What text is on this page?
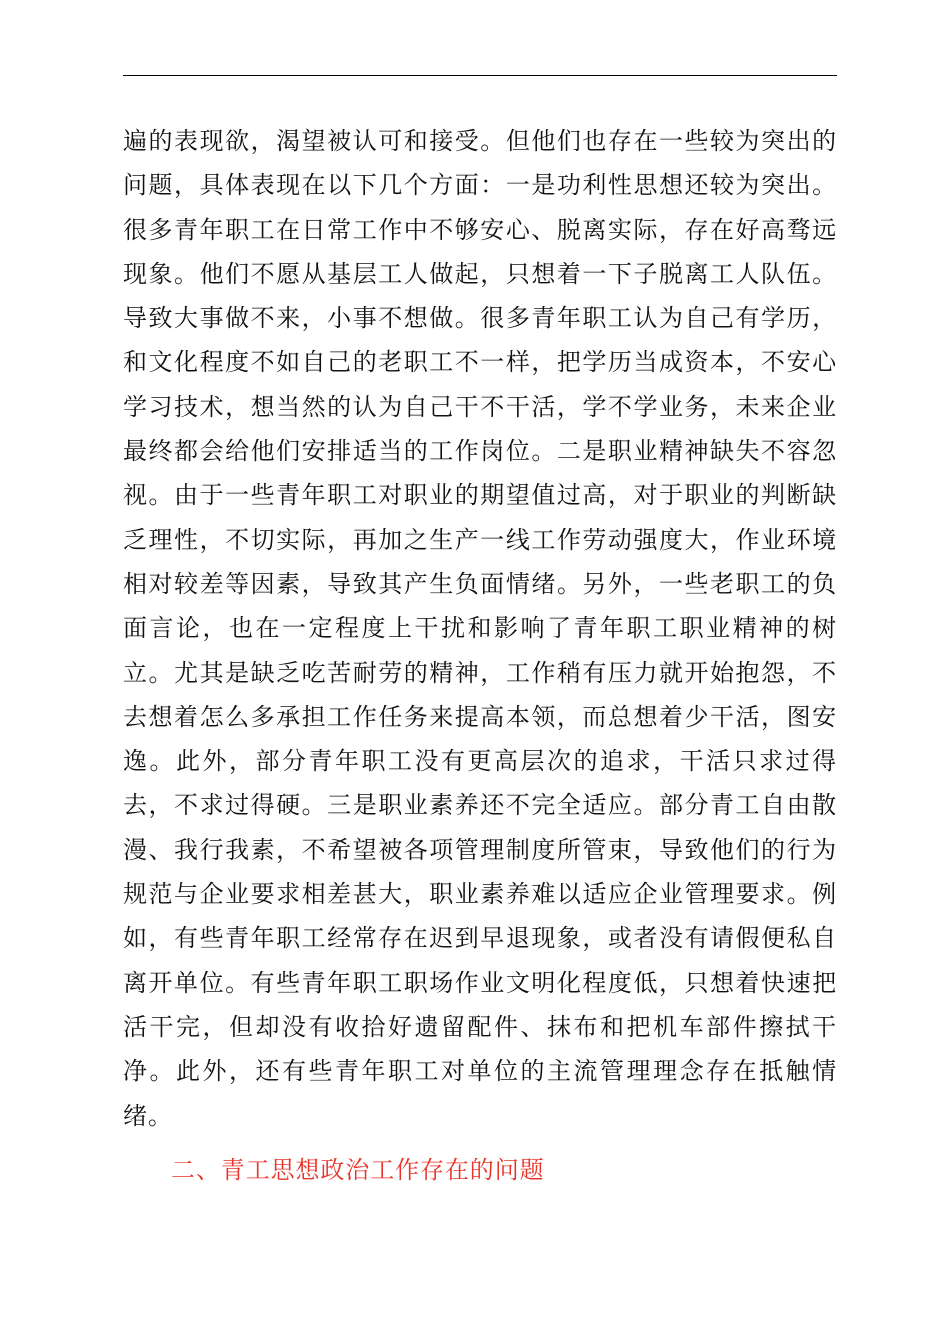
遍的表现欲，渴望被认可和接受。但他们也存在一些较为突出的问题，具体表现在以下几个方面：一是功利性思想还较为突出。很多青年职工在日常工作中不够安心、脱离实际，存在好高骛远现象。他们不愿从基层工人做起，只想着一下子脱离工人队伍。导致大事做不来，小事不想做。很多青年职工认为自己有学历，和文化程度不如自己的老职工不一样，把学历当成资本，不安心学习技术，想当然的认为自己干不干活，学不学业务，未来企业最终都会给他们安排适当的工作岗位。二是职业精神缺失不容忽视。由于一些青年职工对职业的期望值过高，对于职业的判断缺乏理性，不切实际，再加之生产一线工作劳动强度大，作业环境相对较差等因素，导致其产生负面情绪。另外，一些老职工的负面言论，也在一定程度上干扰和影响了青年职工职业精神的树立。尤其是缺乏吃苦耐劳的精神，工作稍有压力就开始抱怨，不去想着怎么多承担工作任务来提高本领，而总想着少干活，图安逸。此外，部分青年职工没有更高层次的追求，干活只求过得去，不求过得硬。三是职业素养还不完全适应。部分青工自由散漫、我行我素，不希望被各项管理制度所管束，导致他们的行为规范与企业要求相差甚大，职业素养难以适应企业管理要求。例如，有些青年职工经常存在迟到早退现象，或者没有请假便私自离开单位。有些青年职工职场作业文明化程度低，只想着快速把活干完，但却没有收拾好遗留配件、抹布和把机车部件擦拭干净。此外，还有些青年职工对单位的主流管理理念存在抵触情绪。

二、青工思想政治工作存在的问题
